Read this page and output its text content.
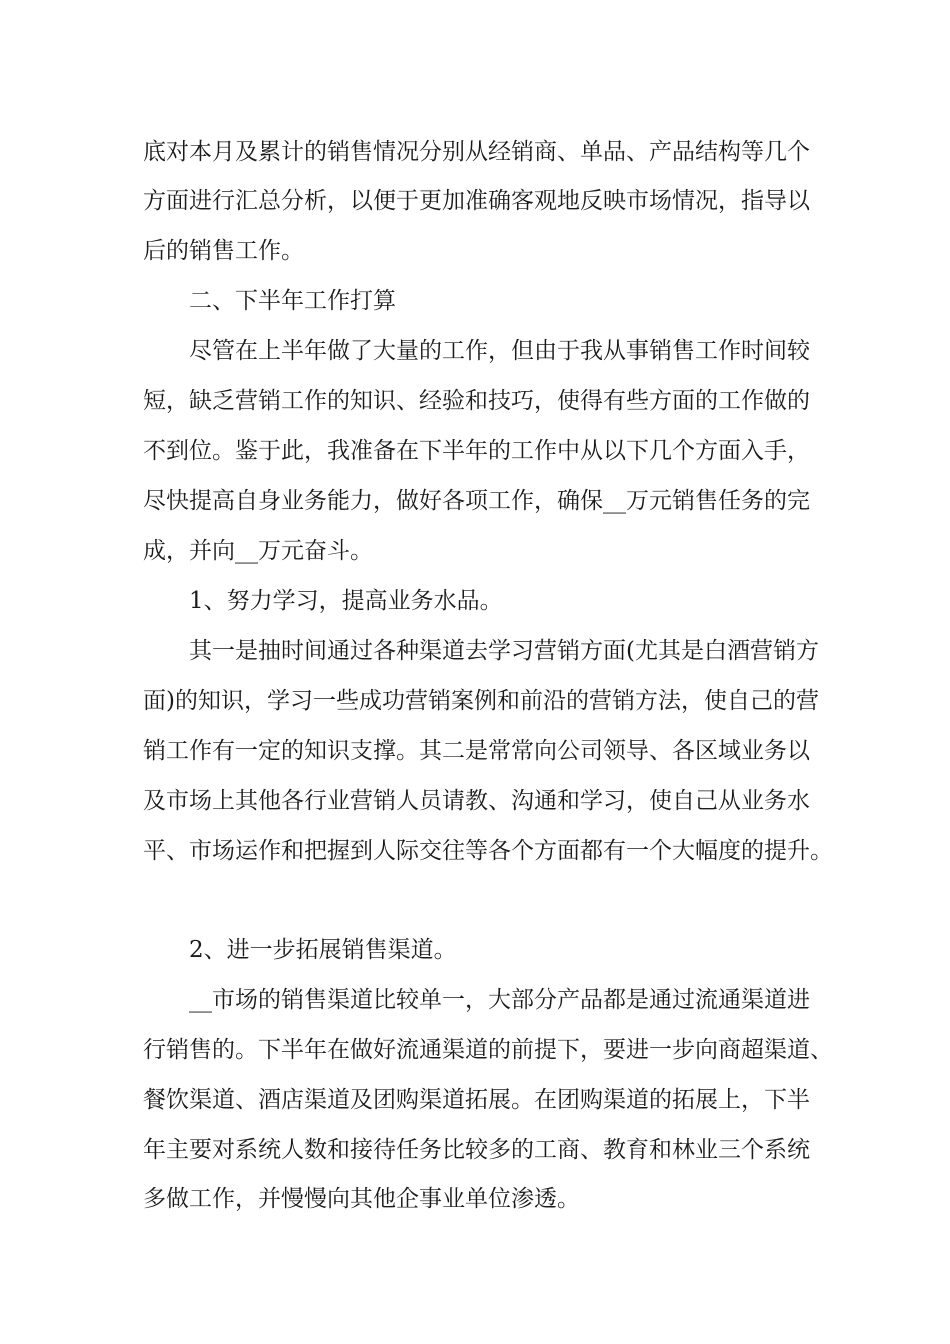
底对本月及累计的销售情况分别从经销商、单品、产品结构等几个
方面进行汇总分析，以便于更加准确客观地反映市场情况，指导以
后的销售工作。
二、下半年工作打算
尽管在上半年做了大量的工作，但由于我从事销售工作时间较
短，缺乏营销工作的知识、经验和技巧，使得有些方面的工作做的
不到位。鉴于此，我准备在下半年的工作中从以下几个方面入手，
尽快提高自身业务能力，做好各项工作，确保__万元销售任务的完
成，并向__万元奋斗。
1、努力学习，提高业务水品。
其一是抽时间通过各种渠道去学习营销方面(尤其是白酒营销方
面)的知识，学习一些成功营销案例和前沿的营销方法，使自己的营
销工作有一定的知识支撑。其二是常常向公司领导、各区域业务以
及市场上其他各行业营销人员请教、沟通和学习，使自己从业务水
平、市场运作和把握到人际交往等各个方面都有一个大幅度的提升。
2、进一步拓展销售渠道。
__市场的销售渠道比较单一，大部分产品都是通过流通渠道进
行销售的。下半年在做好流通渠道的前提下，要进一步向商超渠道、
餐饮渠道、酒店渠道及团购渠道拓展。在团购渠道的拓展上，下半
年主要对系统人数和接待任务比较多的工商、教育和林业三个系统
多做工作，并慢慢向其他企事业单位渗透。
